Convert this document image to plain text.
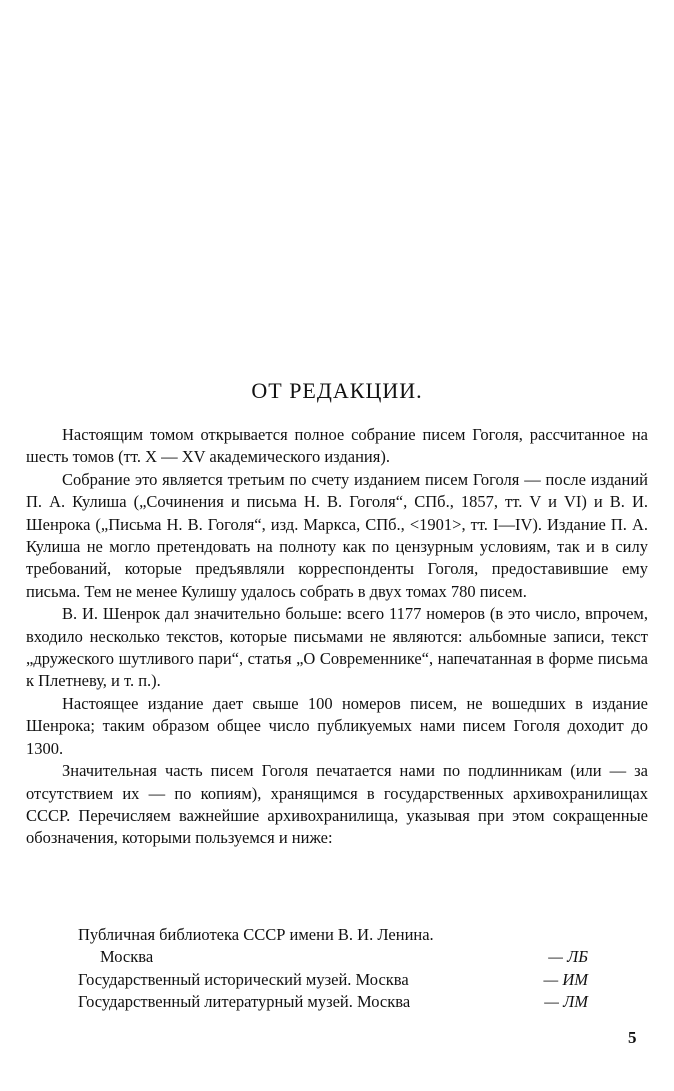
ОТ РЕДАКЦИИ.

Настоящим томом открывается полное собрание писем Гоголя, рассчитанное на шесть томов (тт. X — XV академического издания).

Собрание это является третьим по счету изданием писем Гоголя — после изданий П. А. Кулиша („Сочинения и письма Н. В. Гоголя“, СПб., 1857, тт. V и VI) и В. И. Шенрока („Письма Н. В. Гоголя“, изд. Маркса, СПб., <1901>, тт. I—IV). Издание П. А. Кулиша не могло претендовать на полноту как по цензурным условиям, так и в силу требований, которые предъявляли корреспонденты Гоголя, предоставившие ему письма. Тем не менее Кулишу удалось собрать в двух томах 780 писем.

В. И. Шенрок дал значительно больше: всего 1177 номеров (в это число, впрочем, входило несколько текстов, которые письмами не являются: альбомные записи, текст „дружеского шутливого пари“, статья „О Современнике“, напечатанная в форме письма к Плетневу, и т. п.).

Настоящее издание дает свыше 100 номеров писем, не вошедших в издание Шенрока; таким образом общее число публикуемых нами писем Гоголя доходит до 1300.

Значительная часть писем Гоголя печатается нами по подлинникам (или — за отсутствием их — по копиям), хранящимся в государственных архивохранилищах СССР. Перечисляем важнейшие архивохранилища, указывая при этом сокращенные обозначения, которыми пользуемся и ниже:

Публичная библиотека СССР имени В. И. Ленина.
Москва	— ЛБ
Государственный исторический музей. Москва	— ИМ
Государственный литературный музей. Москва	— ЛМ
5
